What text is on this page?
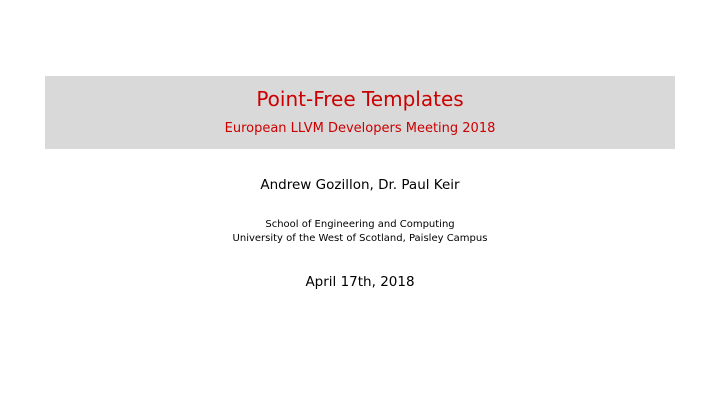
Point-Free Templates
European LLVM Developers Meeting 2018
Andrew Gozillon, Dr. Paul Keir
School of Engineering and Computing
University of the West of Scotland, Paisley Campus
April 17th, 2018
